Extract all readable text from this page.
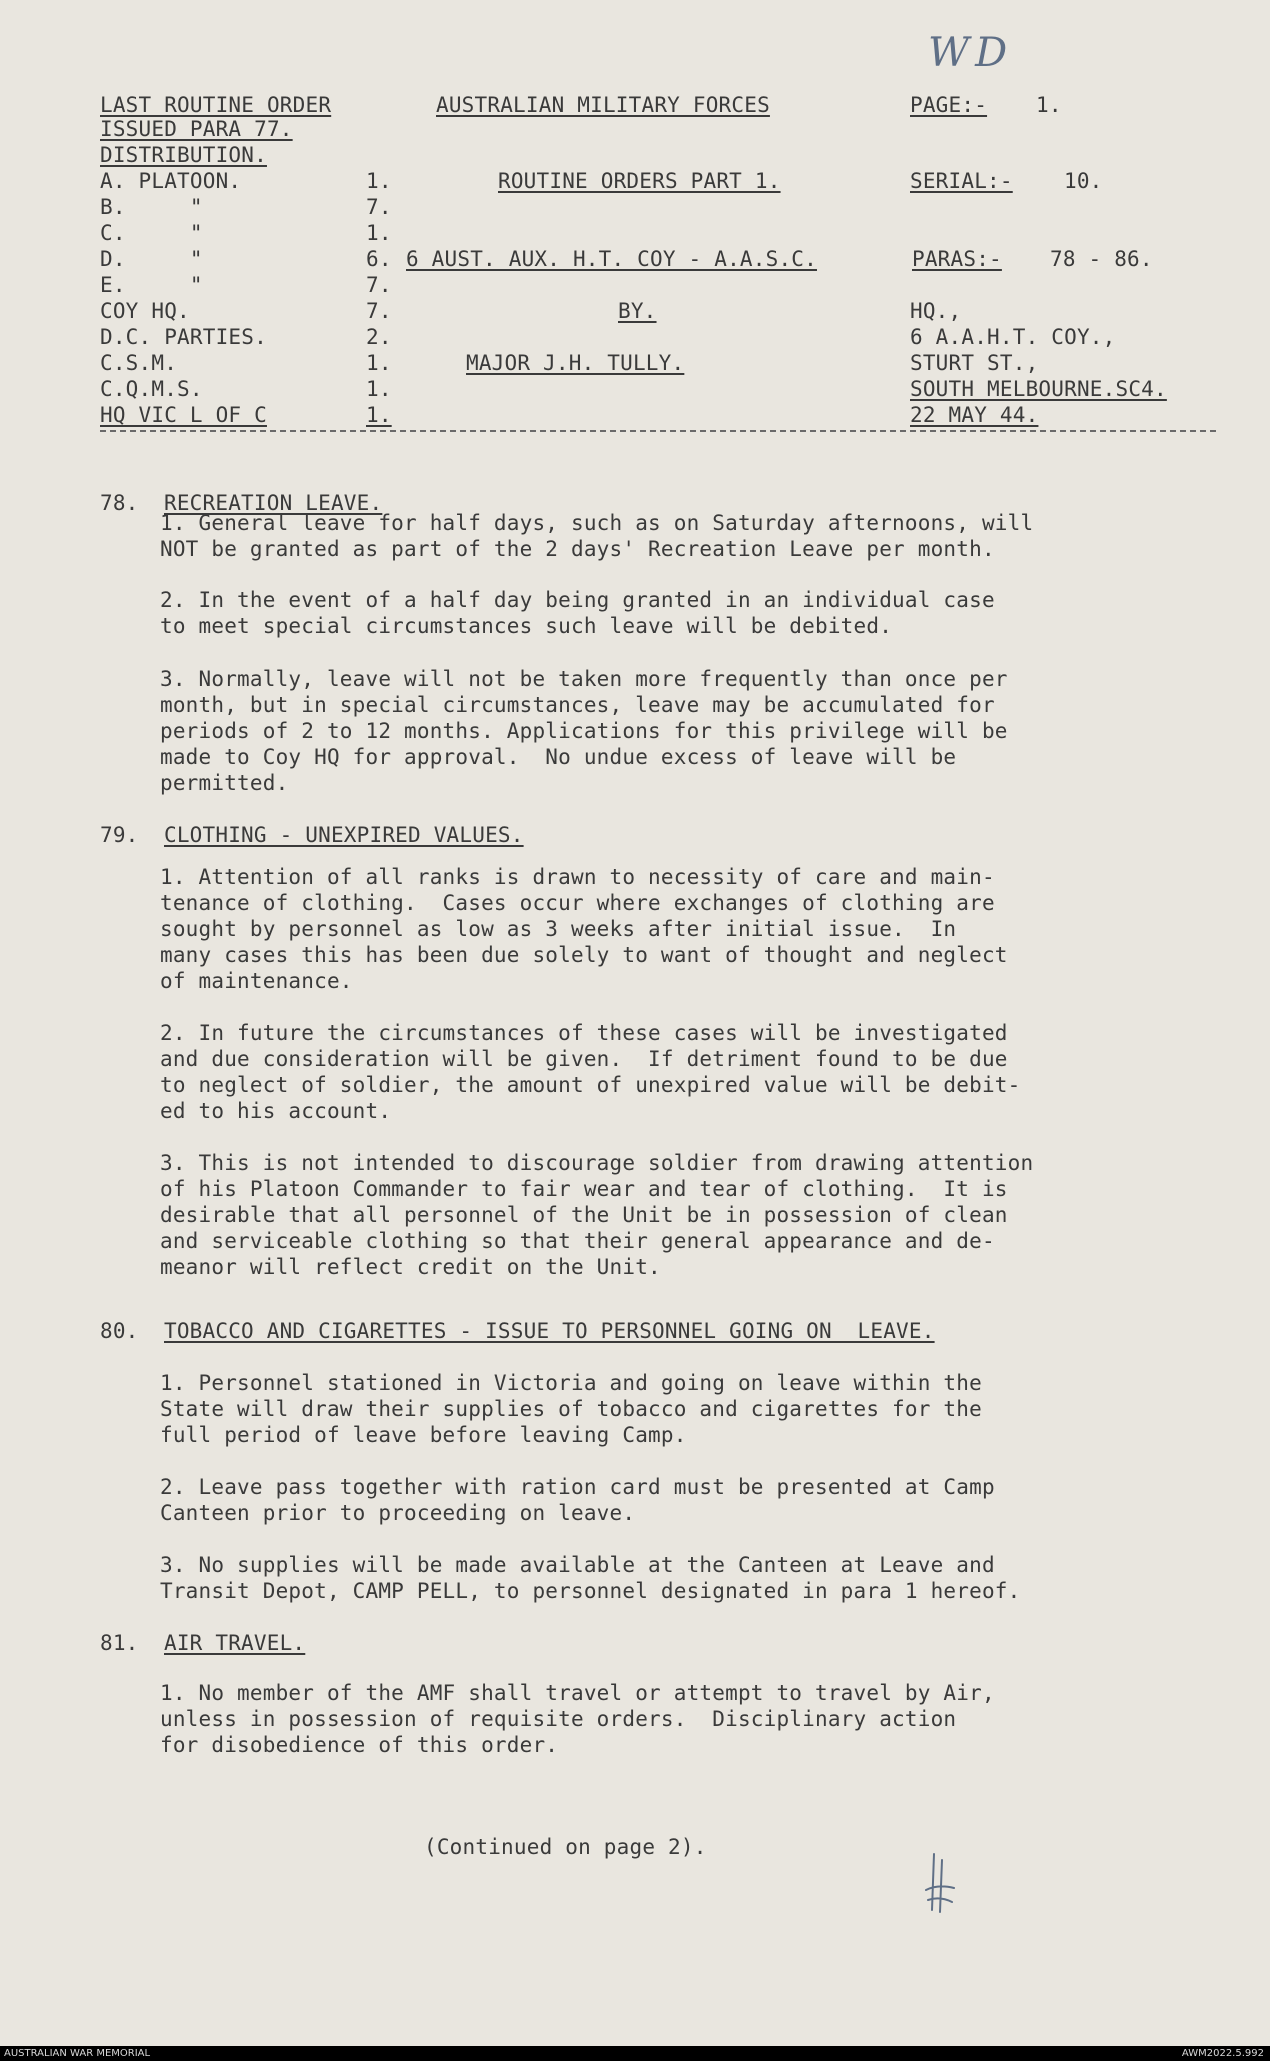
WD
LAST ROUTINE ORDER	AUSTRALIAN MILITARY FORCES	PAGE:- 1.
ISSUED PARA 77.
DISTRIBUTION.
A. PLATOON.	1.
B.     "	7.
C.     "	1.
D.     "	6.
E.     "	7.
COY HQ.	7.
D.C. PARTIES.	2.
C.S.M.	1.
C.Q.M.S.	1.
HQ VIC L OF C	1.
ROUTINE ORDERS PART 1.	SERIAL:- 10.
6 AUST. AUX. H.T. COY - A.A.S.C.	PARAS:- 78 - 86.
BY.
MAJOR J.H. TULLY.
HQ.,
6 A.A.H.T. COY.,
STURT ST.,
SOUTH MELBOURNE.SC4.
22 MAY 44.
78. RECREATION LEAVE.
1. General leave for half days, such as on Saturday afternoons, will
NOT be granted as part of the 2 days' Recreation Leave per month.
2. In the event of a half day being granted in an individual case
to meet special circumstances such leave will be debited.
3. Normally, leave will not be taken more frequently than once per
month, but in special circumstances, leave may be accumulated for
periods of 2 to 12 months. Applications for this privilege will be
made to Coy HQ for approval.  No undue excess of leave will be
permitted.
79. CLOTHING - UNEXPIRED VALUES.
1. Attention of all ranks is drawn to necessity of care and main-
tenance of clothing.  Cases occur where exchanges of clothing are
sought by personnel as low as 3 weeks after initial issue.  In
many cases this has been due solely to want of thought and neglect
of maintenance.
2. In future the circumstances of these cases will be investigated
and due consideration will be given.  If detriment found to be due
to neglect of soldier, the amount of unexpired value will be debit-
ed to his account.
3. This is not intended to discourage soldier from drawing attention
of his Platoon Commander to fair wear and tear of clothing.  It is
desirable that all personnel of the Unit be in possession of clean
and serviceable clothing so that their general appearance and de-
meanor will reflect credit on the Unit.
80. TOBACCO AND CIGARETTES - ISSUE TO PERSONNEL GOING ON  LEAVE.
1. Personnel stationed in Victoria and going on leave within the
State will draw their supplies of tobacco and cigarettes for the
full period of leave before leaving Camp.
2. Leave pass together with ration card must be presented at Camp
Canteen prior to proceeding on leave.
3. No supplies will be made available at the Canteen at Leave and
Transit Depot, CAMP PELL, to personnel designated in para 1 hereof.
81. AIR TRAVEL.
1. No member of the AMF shall travel or attempt to travel by Air,
unless in possession of requisite orders.  Disciplinary action
for disobedience of this order.
(Continued on page 2).
AUSTRALIAN WAR MEMORIAL	AWM2022.5.992
